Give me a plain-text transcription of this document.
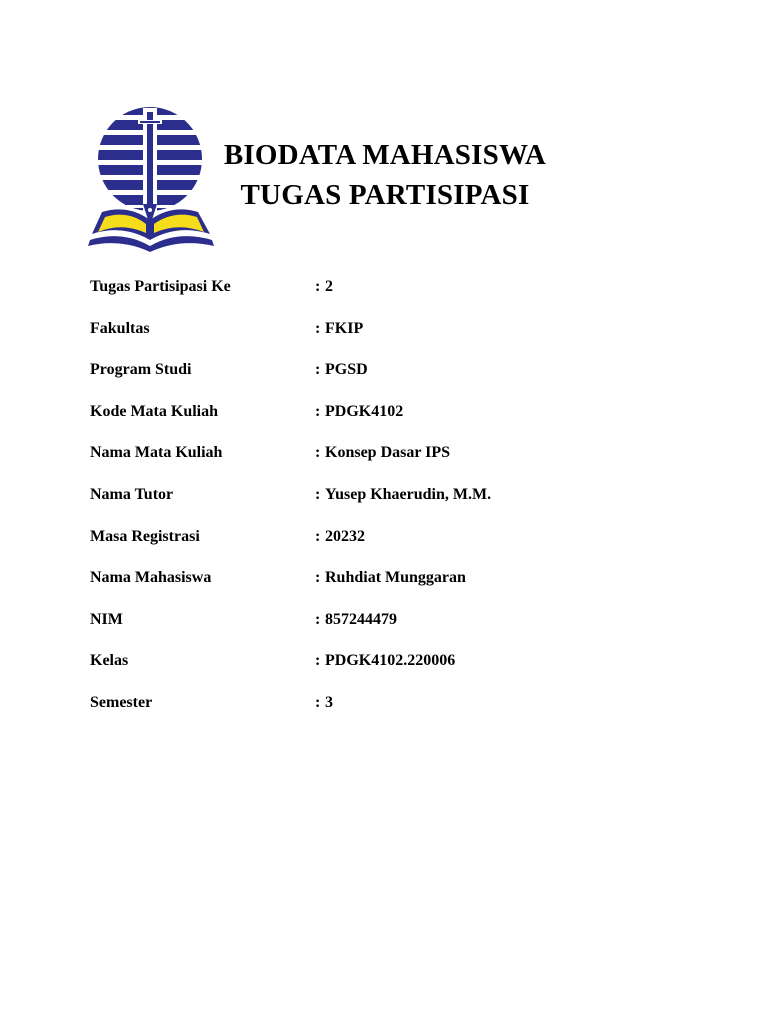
BIODATA MAHASISWA
TUGAS PARTISIPASI
Tugas Partisipasi Ke	: 2
Fakultas	: FKIP
Program Studi	: PGSD
Kode Mata Kuliah	: PDGK4102
Nama Mata Kuliah	: Konsep Dasar IPS
Nama Tutor	: Yusep Khaerudin, M.M.
Masa Registrasi	: 20232
Nama Mahasiswa	: Ruhdiat Munggaran
NIM	: 857244479
Kelas	: PDGK4102.220006
Semester	: 3
